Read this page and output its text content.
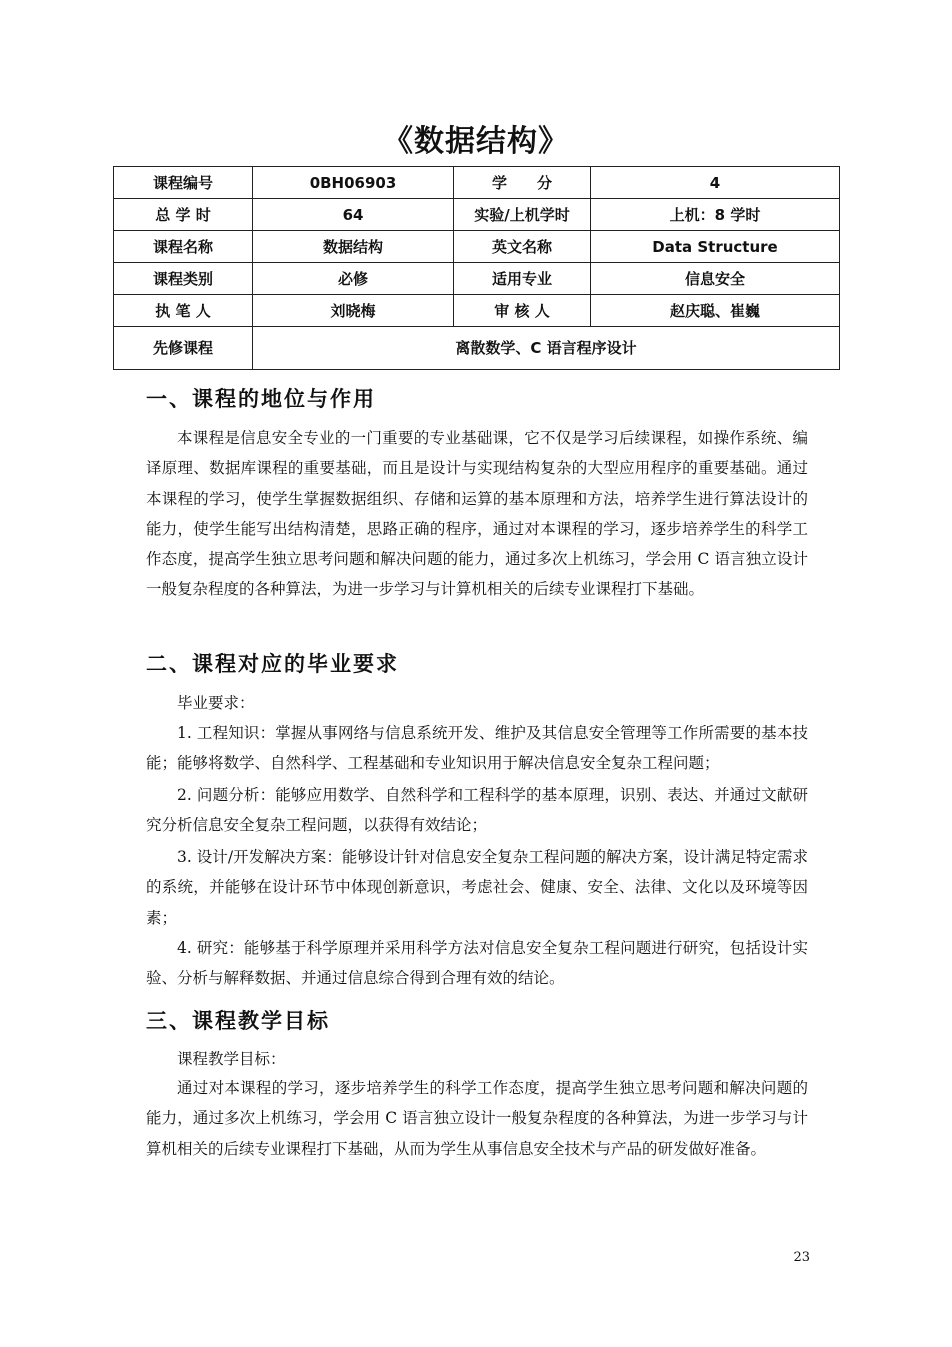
《数据结构》
课程编号	0BH06903	学　　分	4
总 学 时	64	实验/上机学时	上机：8 学时
课程名称	数据结构	英文名称	Data Structure
课程类别	必修	适用专业	信息安全
执 笔 人	刘晓梅	审 核 人	赵庆聪、崔巍
先修课程	离散数学、C 语言程序设计		
一、课程的地位与作用

本课程是信息安全专业的一门重要的专业基础课，它不仅是学习后续课程，如操作系统、编译原理、数据库课程的重要基础，而且是设计与实现结构复杂的大型应用程序的重要基础。通过本课程的学习，使学生掌握数据组织、存储和运算的基本原理和方法，培养学生进行算法设计的能力，使学生能写出结构清楚，思路正确的程序，通过对本课程的学习，逐步培养学生的科学工作态度，提高学生独立思考问题和解决问题的能力，通过多次上机练习，学会用 C 语言独立设计一般复杂程度的各种算法，为进一步学习与计算机相关的后续专业课程打下基础。

二、课程对应的毕业要求

毕业要求：

1. 工程知识：掌握从事网络与信息系统开发、维护及其信息安全管理等工作所需要的基本技能；能够将数学、自然科学、工程基础和专业知识用于解决信息安全复杂工程问题；

2. 问题分析：能够应用数学、自然科学和工程科学的基本原理，识别、表达、并通过文献研究分析信息安全复杂工程问题，以获得有效结论；

3. 设计/开发解决方案：能够设计针对信息安全复杂工程问题的解决方案，设计满足特定需求的系统，并能够在设计环节中体现创新意识，考虑社会、健康、安全、法律、文化以及环境等因素；

4. 研究：能够基于科学原理并采用科学方法对信息安全复杂工程问题进行研究，包括设计实验、分析与解释数据、并通过信息综合得到合理有效的结论。

三、课程教学目标

课程教学目标：

通过对本课程的学习，逐步培养学生的科学工作态度，提高学生独立思考问题和解决问题的能力，通过多次上机练习，学会用 C 语言独立设计一般复杂程度的各种算法，为进一步学习与计算机相关的后续专业课程打下基础，从而为学生从事信息安全技术与产品的研发做好准备。

23
